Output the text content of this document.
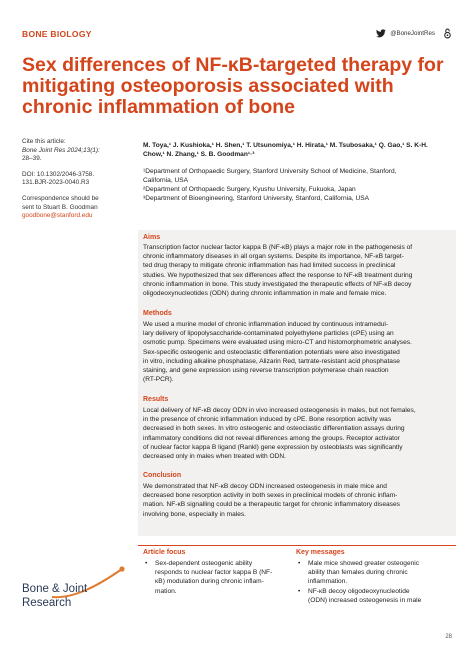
BONE BIOLOGY	@BoneJointRes
Sex differences of NF-κB-targeted therapy for mitigating osteoporosis associated with chronic inflammation of bone

Cite this article:
Bone Joint Res 2024;13(1):
28–39.

DOI: 10.1302/2046-3758.
131.BJR-2023-0040.R3

Correspondence should be
sent to Stuart B. Goodman
goodbone@stanford.edu

M. Toya,¹ J. Kushioka,¹ H. Shen,¹ T. Utsunomiya,¹ H. Hirata,¹ M. Tsubosaka,¹ Q. Gao,¹ S. K-H.
Chow,¹ N. Zhang,¹ S. B. Goodman¹·³
¹Department of Orthopaedic Surgery, Stanford University School of Medicine, Stanford,
California, USA
²Department of Orthopaedic Surgery, Kyushu University, Fukuoka, Japan
³Department of Bioengineering, Stanford University, Stanford, California, USA
Aims
Transcription factor nuclear factor kappa B (NF-κB) plays a major role in the pathogenesis of
chronic inflammatory diseases in all organ systems. Despite its importance, NF-κB target-
ted drug therapy to mitigate chronic inflammation has had limited success in preclinical
studies. We hypothesized that sex differences affect the response to NF-κB treatment during
chronic inflammation in bone. This study investigated the therapeutic effects of NF-κB decoy
oligodeoxynucleotides (ODN) during chronic inflammation in male and female mice.
Methods
We used a murine model of chronic inflammation induced by continuous intramedul-
lary delivery of lipopolysaccharide-contaminated polyethylene particles (cPE) using an
osmotic pump. Specimens were evaluated using micro-CT and histomorphometric analyses.
Sex-specific osteogenic and osteoclastic differentiation potentials were also investigated
in vitro, including alkaline phosphatase, Alizarin Red, tartrate-resistant acid phosphatase
staining, and gene expression using reverse transcription polymerase chain reaction
(RT-PCR).
Results
Local delivery of NF-κB decoy ODN in vivo increased osteogenesis in males, but not females,
in the presence of chronic inflammation induced by cPE. Bone resorption activity was
decreased in both sexes. In vitro osteogenic and osteoclastic differentiation assays during
inflammatory conditions did not reveal differences among the groups. Receptor activator
of nuclear factor kappa Β ligand (Rankl) gene expression by osteoblasts was significantly
decreased only in males when treated with ODN.
Conclusion
We demonstrated that NF-κB decoy ODN increased osteogenesis in male mice and
decreased bone resorption activity in both sexes in preclinical models of chronic inflam-
mation. NF-κB signalling could be a therapeutic target for chronic inflammatory diseases
involving bone, especially in males.
Article focus
• Sex-dependent osteogenic ability
responds to nuclear factor kappa B (NF-
κB) modulation during chronic inflam-
mation.
Key messages
• Male mice showed greater osteogenic
ability than females during chronic
inflammation.
• NF-κB decoy oligodeoxynucleotide
(ODN) increased osteogenesis in male
Bone & Joint
Research
28
